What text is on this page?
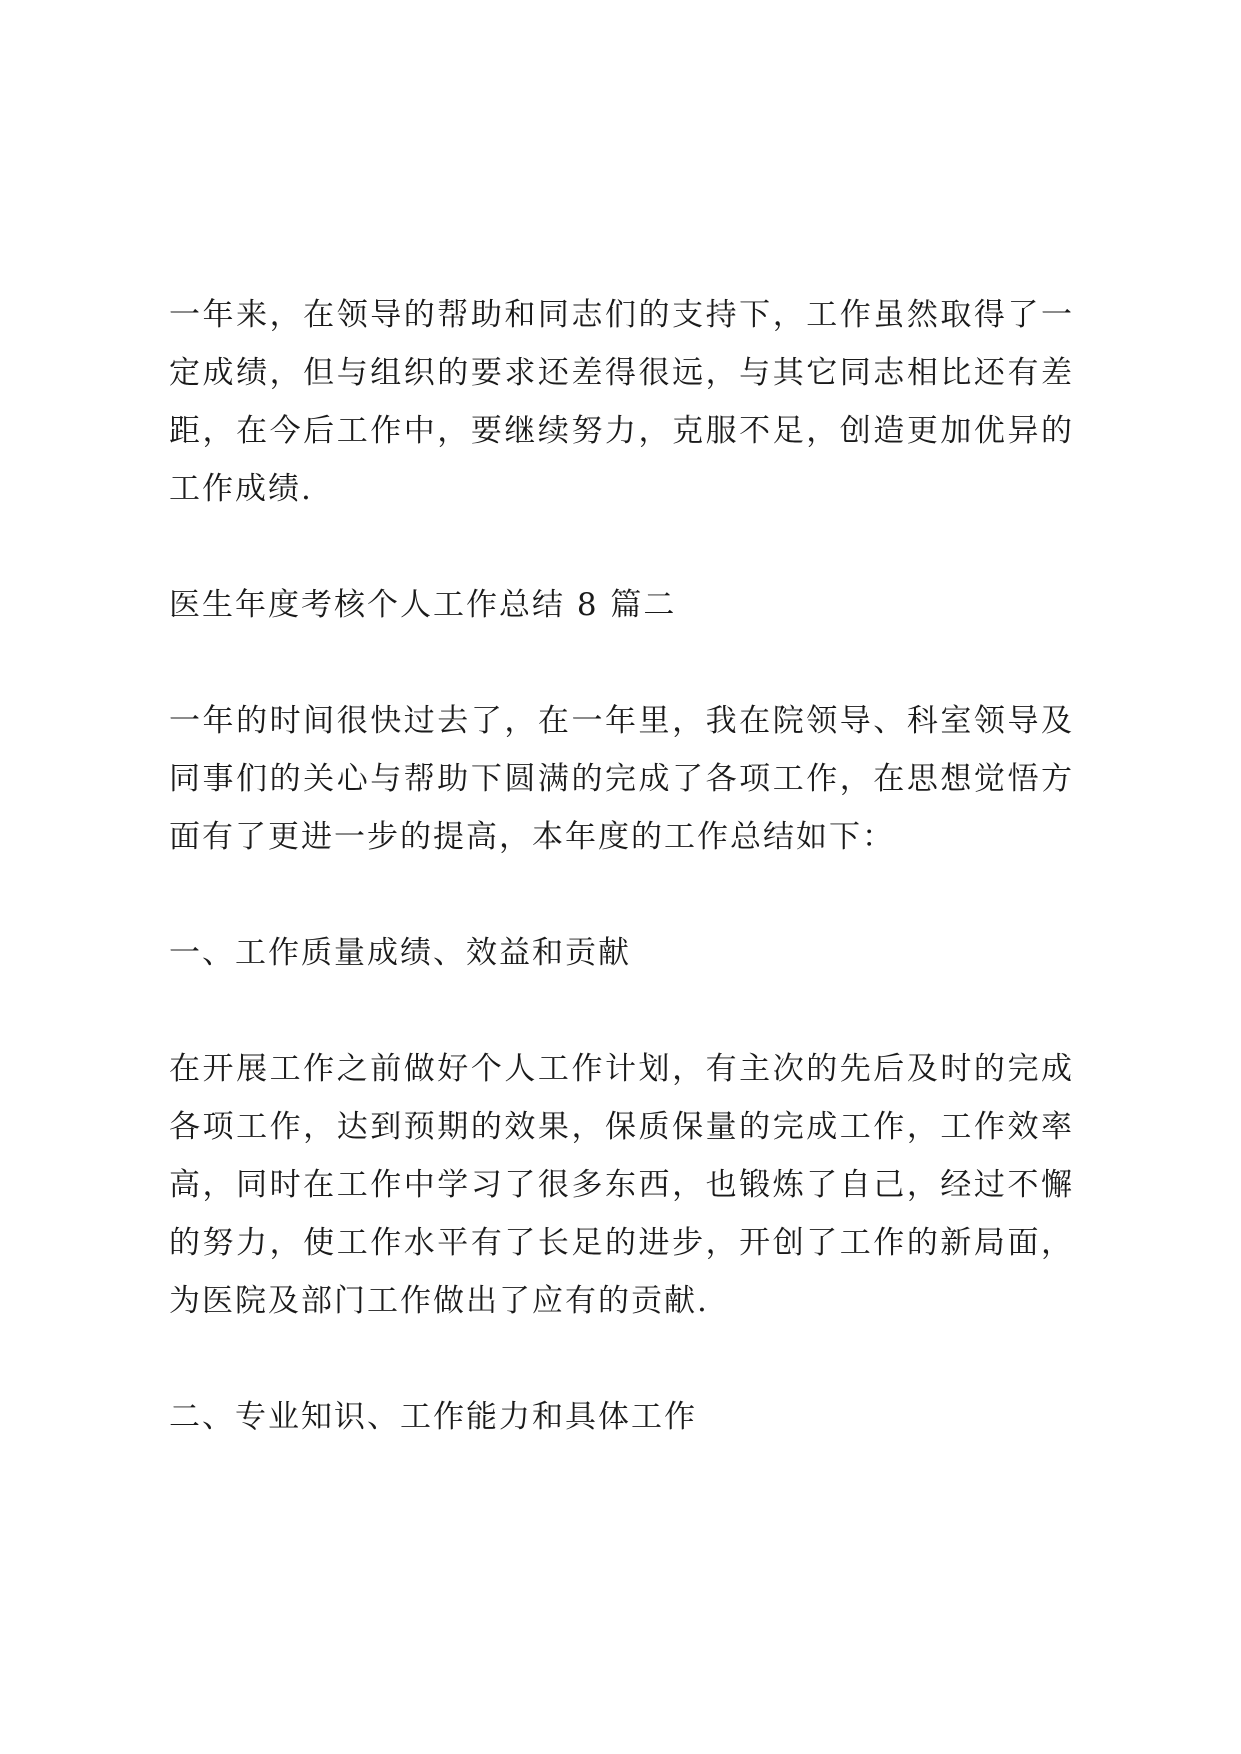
一年来，在领导的帮助和同志们的支持下，工作虽然取得了一定成绩，但与组织的要求还差得很远，与其它同志相比还有差距，在今后工作中，要继续努力，克服不足，创造更加优异的工作成绩.

医生年度考核个人工作总结 8 篇二

一年的时间很快过去了，在一年里，我在院领导、科室领导及同事们的关心与帮助下圆满的完成了各项工作，在思想觉悟方面有了更进一步的提高，本年度的工作总结如下：

一、工作质量成绩、效益和贡献

在开展工作之前做好个人工作计划，有主次的先后及时的完成各项工作，达到预期的效果，保质保量的完成工作，工作效率高，同时在工作中学习了很多东西，也锻炼了自己，经过不懈的努力，使工作水平有了长足的进步，开创了工作的新局面，为医院及部门工作做出了应有的贡献.

二、专业知识、工作能力和具体工作
